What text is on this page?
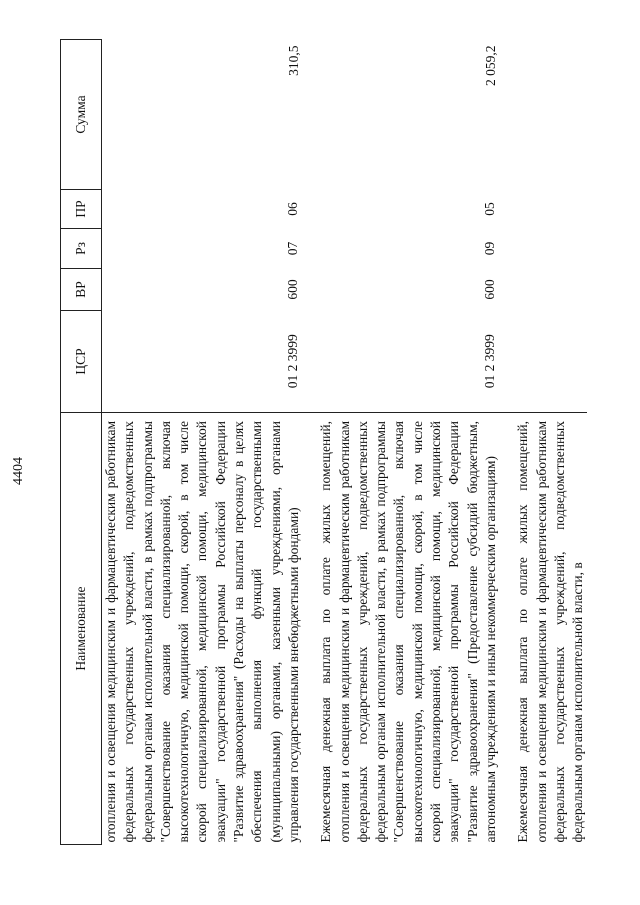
4404
Наименование	ЦСР	ВР	Рз	ПР	Сумма
отопления и освещения медицинским и фармацевтическим работникам федеральных государственных учреждений, подведомственных федеральным органам исполнительной власти, в рамках подпрограммы "Совершенствование оказания специализированной, включая высокотехнологичную, медицинской помощи, скорой, в том числе скорой специализированной, медицинской помощи, медицинской эвакуации" государственной программы Российской Федерации "Развитие здравоохранения" (Расходы на выплаты персоналу в целях обеспечения выполнения функций государственными (муниципальными) органами, казенными учреждениями, органами управления государственными внебюджетными фондами)	01 2 3999	600	07	06	310,5

Ежемесячная денежная выплата по оплате жилых помещений, отопления и освещения медицинским и фармацевтическим работникам федеральных государственных учреждений, подведомственных федеральным органам исполнительной власти, в рамках подпрограммы "Совершенствование оказания специализированной, включая высокотехнологичную, медицинской помощи, скорой, в том числе скорой специализированной, медицинской помощи, медицинской эвакуации" государственной программы Российской Федерации "Развитие здравоохранения" (Предоставление субсидий бюджетным, автономным учреждениям и иным некоммерческим организациям)	01 2 3999	600	09	05	2 059,2

Ежемесячная денежная выплата по оплате жилых помещений, отопления и освещения медицинским и фармацевтическим работникам федеральных государственных учреждений, подведомственных федеральным органам исполнительной власти, в					
